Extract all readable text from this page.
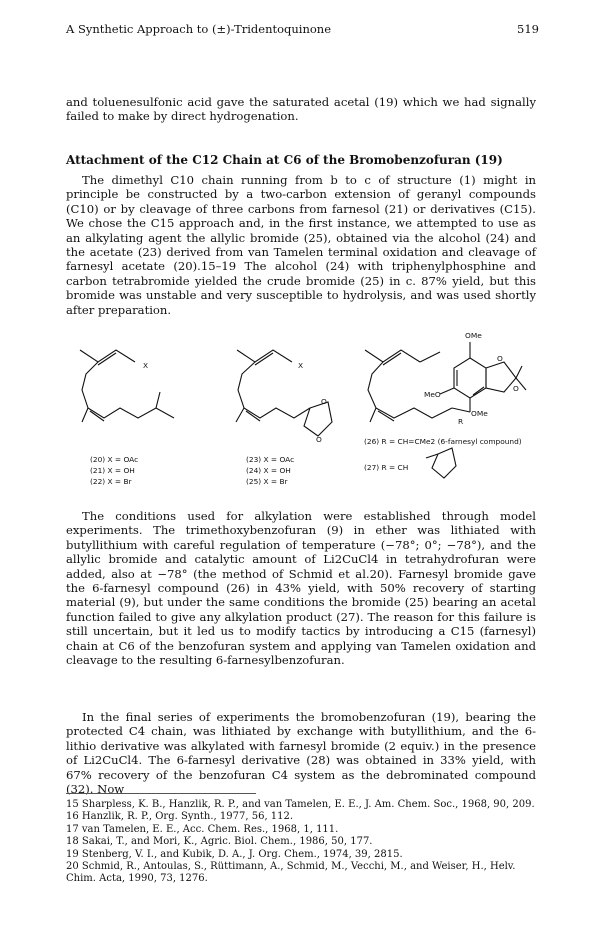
A Synthetic Approach to (±)-Tridentoquinone	519
and toluenesulfonic acid gave the saturated acetal (19) which we had signally failed to make by direct hydrogenation.
Attachment of the C12 Chain at C6 of the Bromobenzofuran (19)
The dimethyl C10 chain running from b to c of structure (1) might in principle be constructed by a two-carbon extension of geranyl compounds (C10) or by cleavage of three carbons from farnesol (21) or derivatives (C15). We chose the C15 approach and, in the first instance, we attempted to use as an alkylating agent the allylic bromide (25), obtained via the alcohol (24) and the acetate (23) derived from van Tamelen terminal oxidation and cleavage of farnesyl acetate (20).15–19 The alcohol (24) with triphenylphosphine and carbon tetrabromide yielded the crude bromide (25) in c. 87% yield, but this bromide was unstable and very susceptible to hydrolysis, and was used shortly after preparation.
X	X
O
O
OMe
MeO
OMe
R
O
O
(20) X = OAc
(21) X = OH
(22) X = Br
(23) X = OAc
(24) X = OH
(25) X = Br
(26) R = CH=CMe2 (6-farnesyl compound)
(27) R = CH
The conditions used for alkylation were established through model experiments. The trimethoxybenzofuran (9) in ether was lithiated with butyllithium with careful regulation of temperature (−78°; 0°; −78°), and the allylic bromide and catalytic amount of Li2CuCl4 in tetrahydrofuran were added, also at −78° (the method of Schmid et al.20). Farnesyl bromide gave the 6-farnesyl compound (26) in 43% yield, with 50% recovery of starting material (9), but under the same conditions the bromide (25) bearing an acetal function failed to give any alkylation product (27). The reason for this failure is still uncertain, but it led us to modify tactics by introducing a C15 (farnesyl) chain at C6 of the benzofuran system and applying van Tamelen oxidation and cleavage to the resulting 6-farnesylbenzofuran.
In the final series of experiments the bromobenzofuran (19), bearing the protected C4 chain, was lithiated by exchange with butyllithium, and the 6-lithio derivative was alkylated with farnesyl bromide (2 equiv.) in the presence of Li2CuCl4. The 6-farnesyl derivative (28) was obtained in 33% yield, with 67% recovery of the benzofuran C4 system as the debrominated compound (32). Now
15 Sharpless, K. B., Hanzlik, R. P., and van Tamelen, E. E., J. Am. Chem. Soc., 1968, 90, 209.
16 Hanzlik, R. P., Org. Synth., 1977, 56, 112.
17 van Tamelen, E. E., Acc. Chem. Res., 1968, 1, 111.
18 Sakai, T., and Mori, K., Agric. Biol. Chem., 1986, 50, 177.
19 Stenberg, V. I., and Kubik, D. A., J. Org. Chem., 1974, 39, 2815.
20 Schmid, R., Antoulas, S., Rüttimann, A., Schmid, M., Vecchi, M., and Weiser, H., Helv. Chim. Acta, 1990, 73, 1276.
